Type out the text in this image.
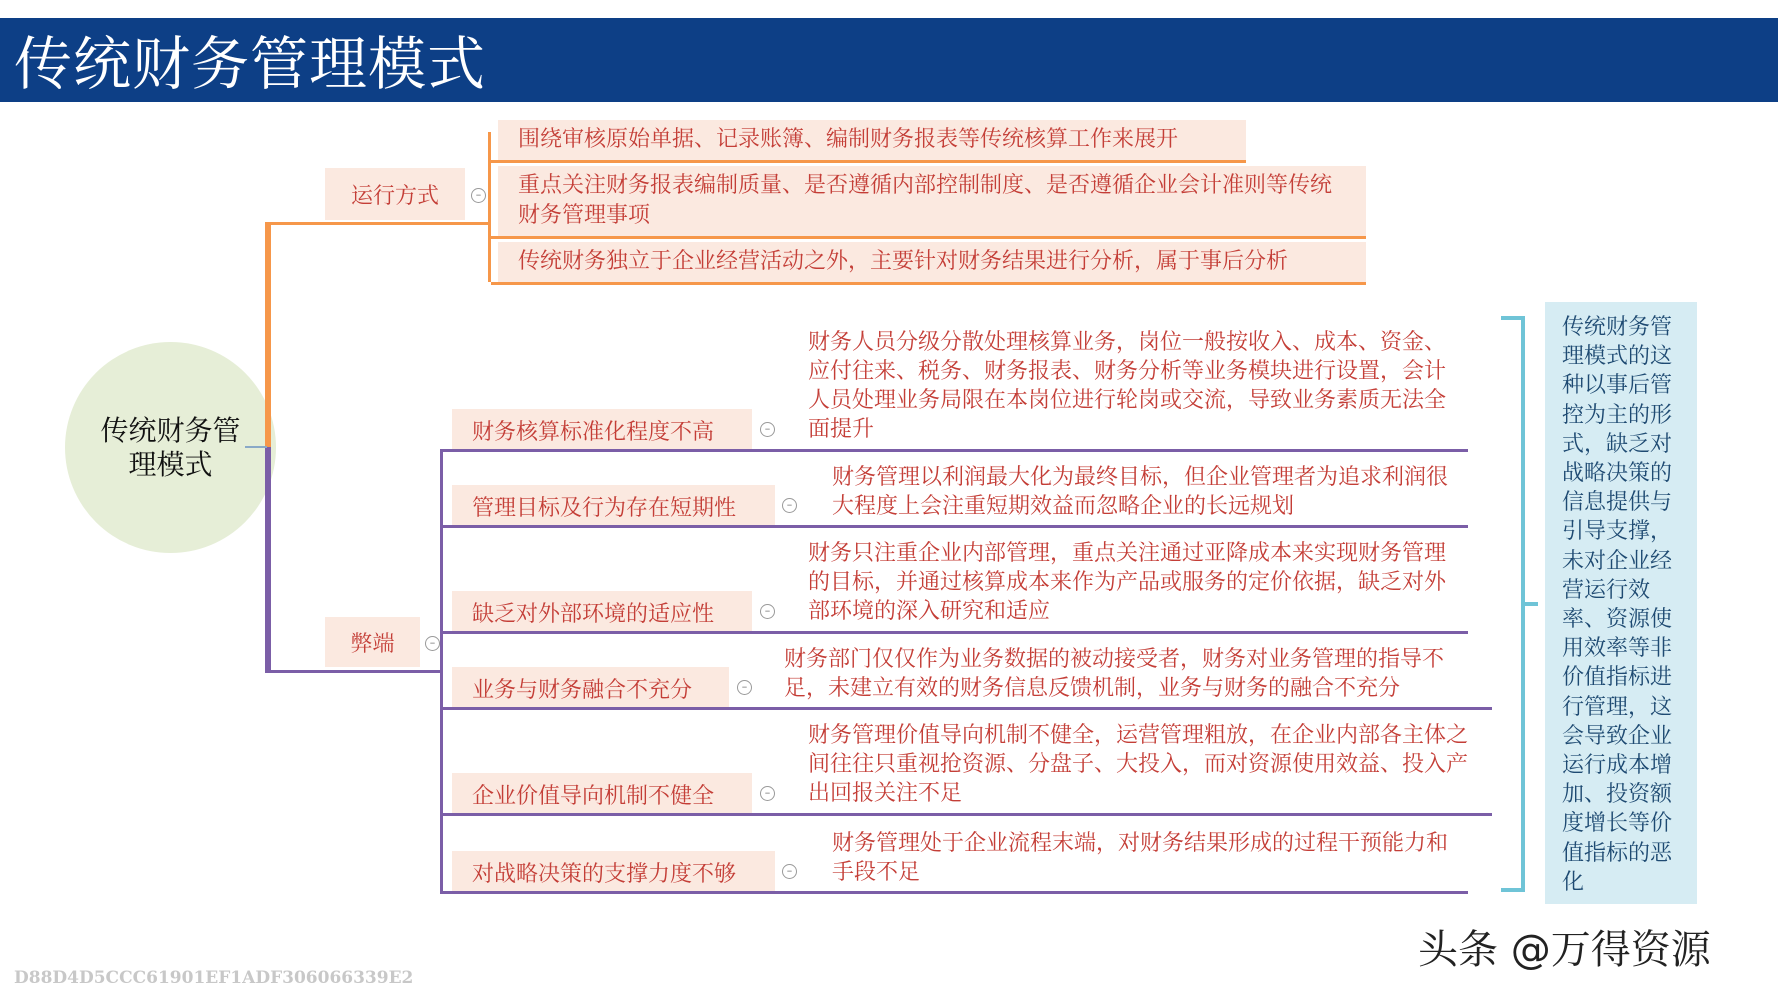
传统财务管理模式
传统财务管理模式
运行方式
–
围绕审核原始单据、记录账簿、编制财务报表等传统核算工作来展开
重点关注财务报表编制质量、是否遵循内部控制制度、是否遵循企业会计准则等传统财务管理事项
传统财务独立于企业经营活动之外，主要针对财务结果进行分析，属于事后分析
弊端
–
财务核算标准化程度不高
–
财务人员分级分散处理核算业务，岗位一般按收入、成本、资金、应付往来、税务、财务报表、财务分析等业务模块进行设置，会计人员处理业务局限在本岗位进行轮岗或交流，导致业务素质无法全面提升
管理目标及行为存在短期性
–
财务管理以利润最大化为最终目标，但企业管理者为追求利润很大程度上会注重短期效益而忽略企业的长远规划
缺乏对外部环境的适应性
–
财务只注重企业内部管理，重点关注通过亚降成本来实现财务管理的目标，并通过核算成本来作为产品或服务的定价依据，缺乏对外部环境的深入研究和适应
业务与财务融合不充分
–
财务部门仅仅作为业务数据的被动接受者，财务对业务管理的指导不足，未建立有效的财务信息反馈机制，业务与财务的融合不充分
企业价值导向机制不健全
–
财务管理价值导向机制不健全，运营管理粗放，在企业内部各主体之间往往只重视抢资源、分盘子、大投入，而对资源使用效益、投入产出回报关注不足
对战略决策的支撑力度不够
–
财务管理处于企业流程末端，对财务结果形成的过程干预能力和手段不足
传统财务管理模式的这种以事后管控为主的形式，缺乏对战略决策的信息提供与引导支撑，未对企业经营运行效率、资源使用效率等非价值指标进行管理，这会导致企业运行成本增加、投资额度增长等价值指标的恶化
头条 @万得资源
D88D4D5CCC61901EF1ADF306066339E2
